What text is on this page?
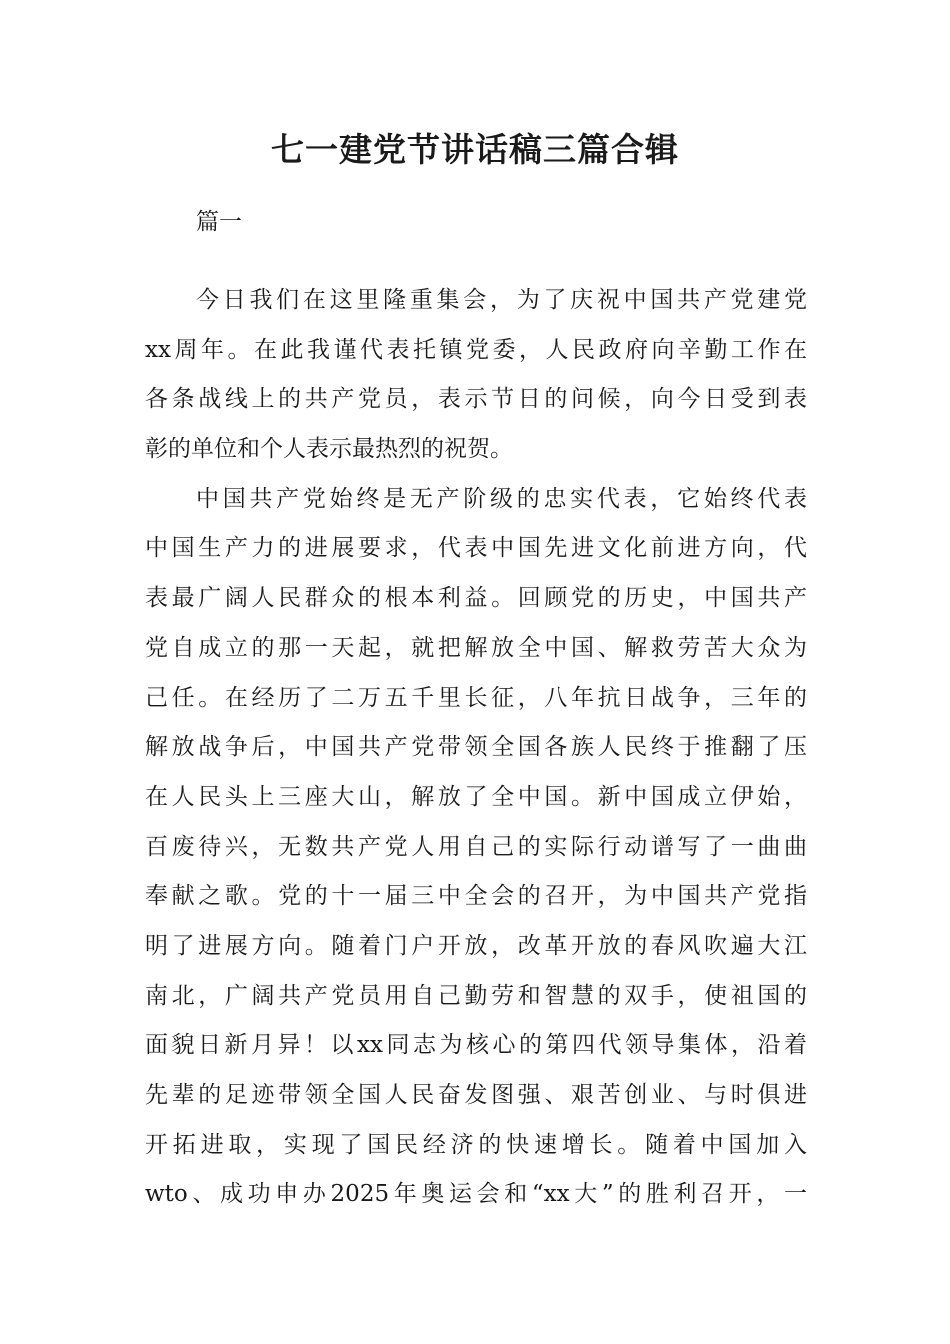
七一建党节讲话稿三篇合辑

篇一

今日我们在这里隆重集会，为了庆祝中国共产党建党
xx周年。在此我谨代表托镇党委，人民政府向辛勤工作在
各条战线上的共产党员，表示节日的问候，向今日受到表
彰的单位和个人表示最热烈的祝贺。
中国共产党始终是无产阶级的忠实代表，它始终代表
中国生产力的进展要求，代表中国先进文化前进方向，代
表最广阔人民群众的根本利益。回顾党的历史，中国共产
党自成立的那一天起，就把解放全中国、解救劳苦大众为
己任。在经历了二万五千里长征，八年抗日战争，三年的
解放战争后，中国共产党带领全国各族人民终于推翻了压
在人民头上三座大山，解放了全中国。新中国成立伊始，
百废待兴，无数共产党人用自己的实际行动谱写了一曲曲
奉献之歌。党的十一届三中全会的召开，为中国共产党指
明了进展方向。随着门户开放，改革开放的春风吹遍大江
南北，广阔共产党员用自己勤劳和智慧的双手，使祖国的
面貌日新月异！以xx同志为核心的第四代领导集体，沿着
先辈的足迹带领全国人民奋发图强、艰苦创业、与时俱进
开拓进取，实现了国民经济的快速增长。随着中国加入
wto、成功申办2025年奥运会和“xx大”的胜利召开，一
